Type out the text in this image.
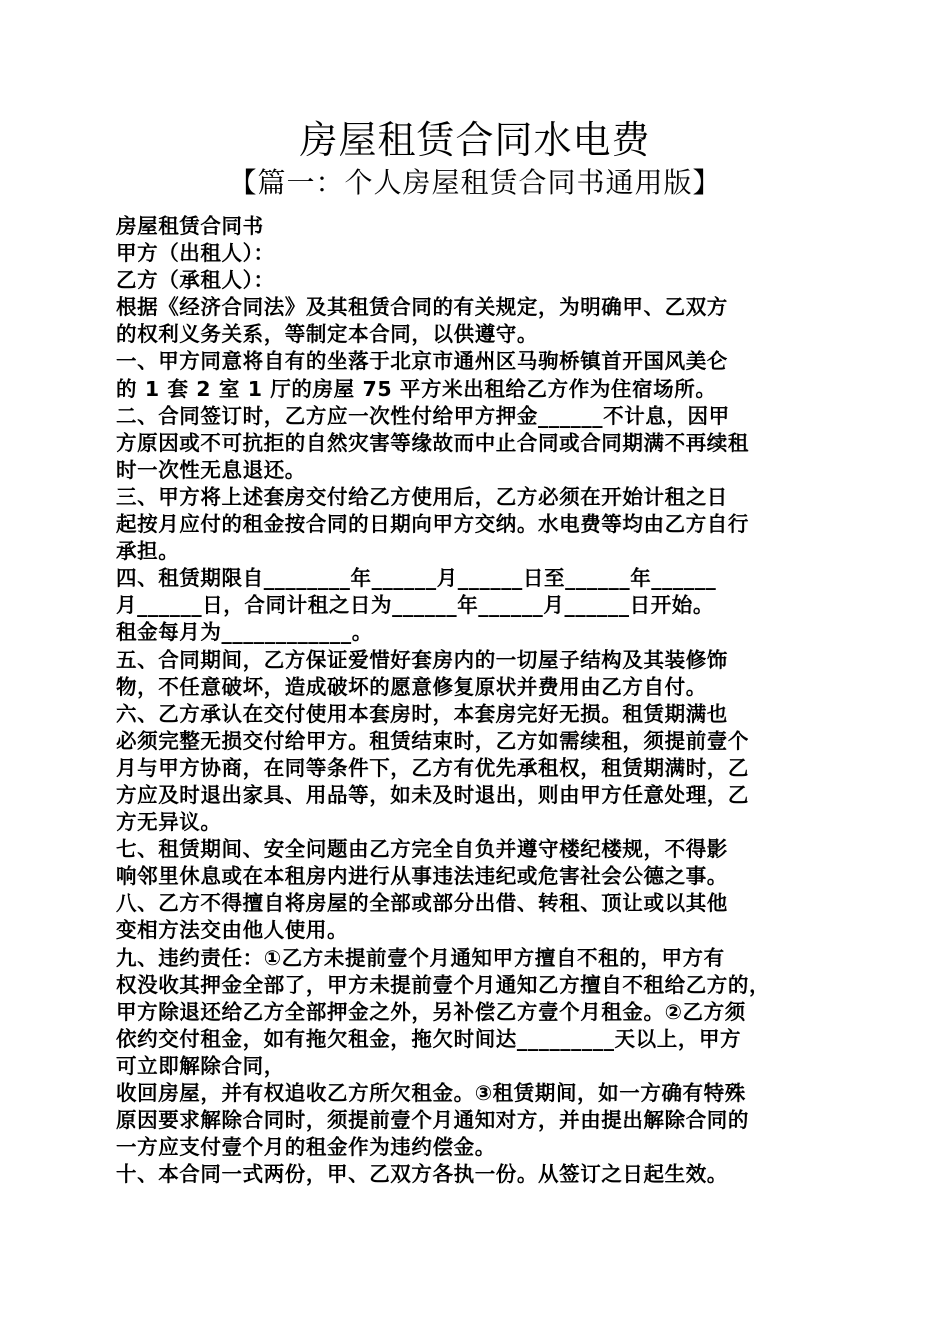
房屋租赁合同水电费
【篇一：个人房屋租赁合同书通用版】
房屋租赁合同书
甲方（出租人）：
乙方（承租人）：
根据《经济合同法》及其租赁合同的有关规定，为明确甲、乙双方
的权利义务关系，等制定本合同，以供遵守。
一、甲方同意将自有的坐落于北京市通州区马驹桥镇首开国风美仑
的 1 套 2 室 1 厅的房屋 75 平方米出租给乙方作为住宿场所。
二、合同签订时，乙方应一次性付给甲方押金______不计息，因甲
方原因或不可抗拒的自然灾害等缘故而中止合同或合同期满不再续租
时一次性无息退还。
三、甲方将上述套房交付给乙方使用后，乙方必须在开始计租之日
起按月应付的租金按合同的日期向甲方交纳。水电费等均由乙方自行
承担。
四、租赁期限自________年______月______日至______年______
月______日，合同计租之日为______年______月______日开始。
租金每月为____________。
五、合同期间，乙方保证爱惜好套房内的一切屋子结构及其装修饰
物，不任意破坏，造成破坏的愿意修复原状并费用由乙方自付。
六、乙方承认在交付使用本套房时，本套房完好无损。租赁期满也
必须完整无损交付给甲方。租赁结束时，乙方如需续租，须提前壹个
月与甲方协商，在同等条件下，乙方有优先承租权，租赁期满时，乙
方应及时退出家具、用品等，如未及时退出，则由甲方任意处理，乙
方无异议。
七、租赁期间、安全问题由乙方完全自负并遵守楼纪楼规，不得影
响邻里休息或在本租房内进行从事违法违纪或危害社会公德之事。
八、乙方不得擅自将房屋的全部或部分出借、转租、顶让或以其他
变相方法交由他人使用。
九、违约责任：①乙方未提前壹个月通知甲方擅自不租的，甲方有
权没收其押金全部了，甲方未提前壹个月通知乙方擅自不租给乙方的，
甲方除退还给乙方全部押金之外，另补偿乙方壹个月租金。②乙方须
依约交付租金，如有拖欠租金，拖欠时间达_________天以上，甲方
可立即解除合同，
收回房屋，并有权追收乙方所欠租金。③租赁期间，如一方确有特殊
原因要求解除合同时，须提前壹个月通知对方，并由提出解除合同的
一方应支付壹个月的租金作为违约偿金。
十、本合同一式两份，甲、乙双方各执一份。从签订之日起生效。
